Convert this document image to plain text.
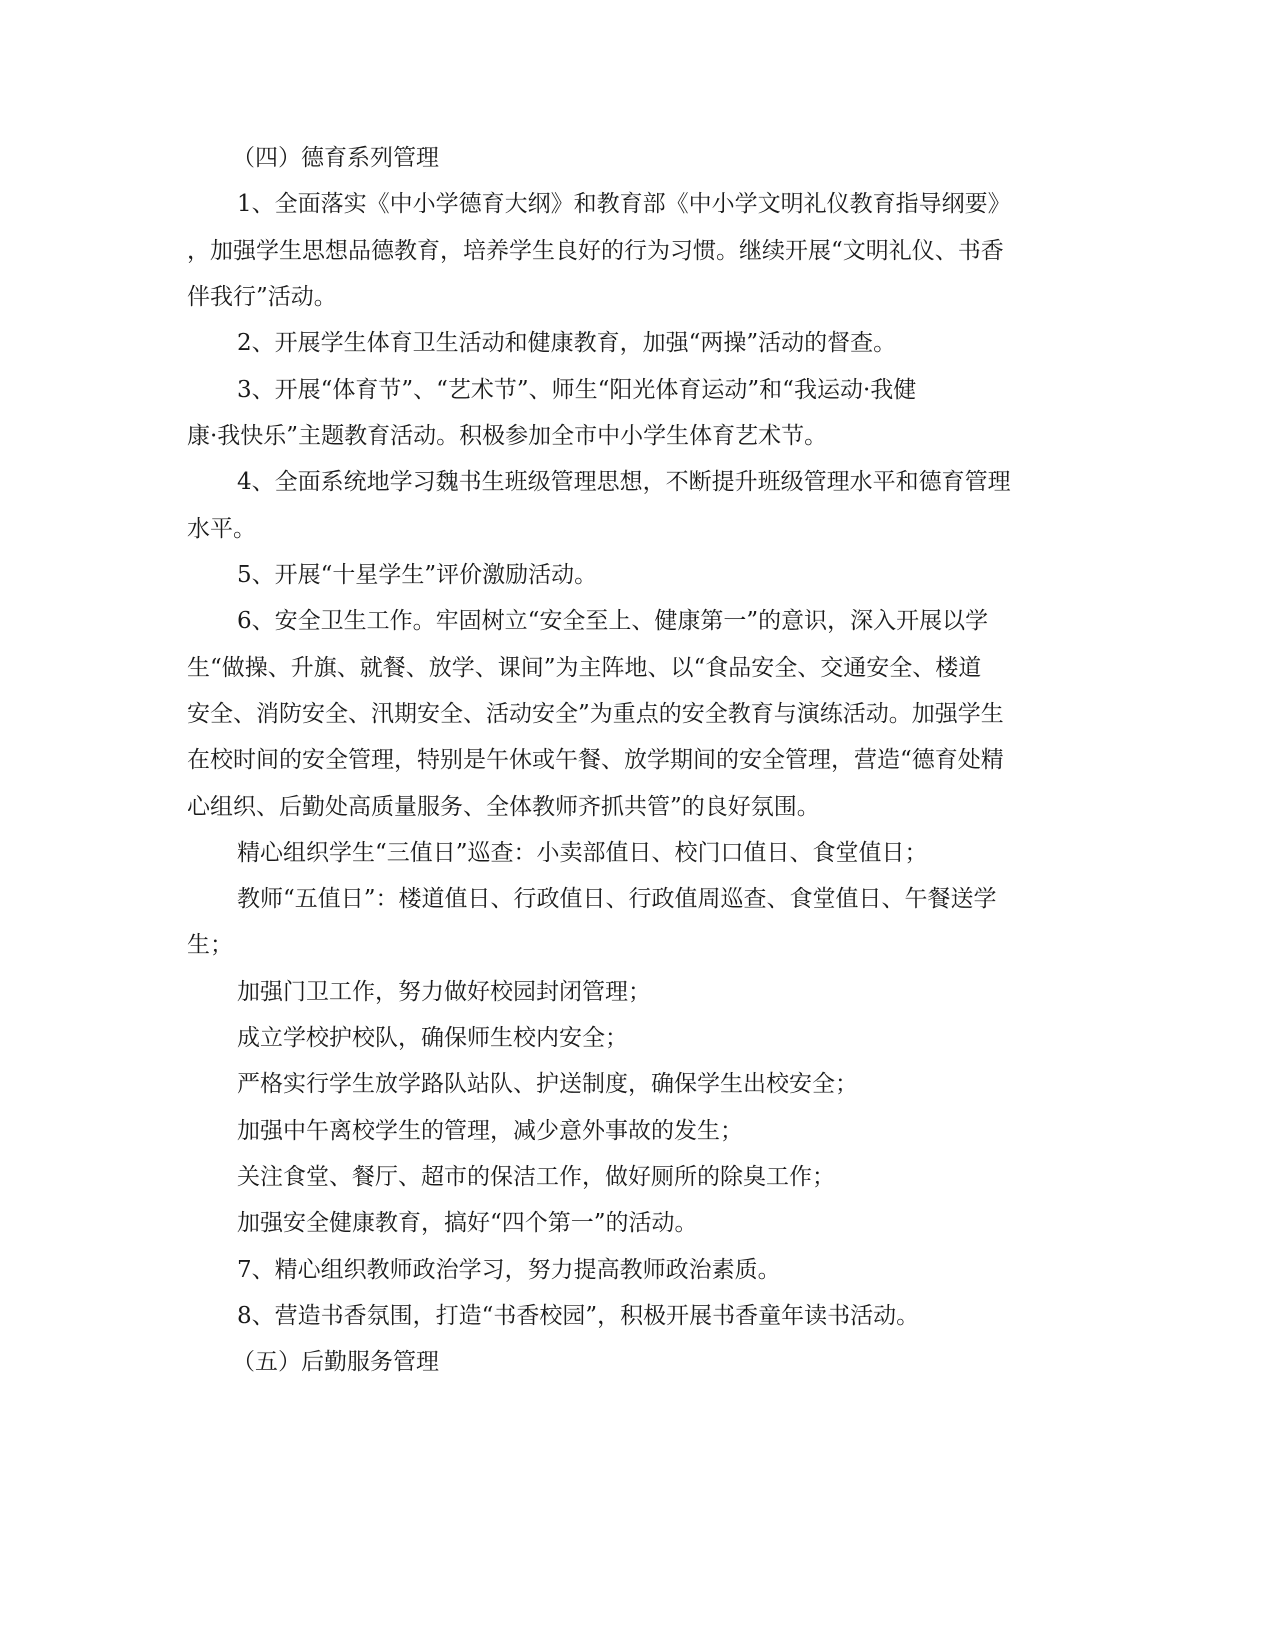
（四）德育系列管理
1、全面落实《中小学德育大纲》和教育部《中小学文明礼仪教育指导纲要》
，加强学生思想品德教育，培养学生良好的行为习惯。继续开展“文明礼仪、书香
伴我行”活动。
2、开展学生体育卫生活动和健康教育，加强“两操”活动的督查。
3、开展“体育节”、“艺术节”、师生“阳光体育运动”和“我运动·我健
康·我快乐”主题教育活动。积极参加全市中小学生体育艺术节。
4、全面系统地学习魏书生班级管理思想，不断提升班级管理水平和德育管理
水平。
5、开展“十星学生”评价激励活动。
6、安全卫生工作。牢固树立“安全至上、健康第一”的意识，深入开展以学
生“做操、升旗、就餐、放学、课间”为主阵地、以“食品安全、交通安全、楼道
安全、消防安全、汛期安全、活动安全”为重点的安全教育与演练活动。加强学生
在校时间的安全管理，特别是午休或午餐、放学期间的安全管理，营造“德育处精
心组织、后勤处高质量服务、全体教师齐抓共管”的良好氛围。
精心组织学生“三值日”巡查：小卖部值日、校门口值日、食堂值日；
教师“五值日”：楼道值日、行政值日、行政值周巡查、食堂值日、午餐送学
生；
加强门卫工作，努力做好校园封闭管理；
成立学校护校队，确保师生校内安全；
严格实行学生放学路队站队、护送制度，确保学生出校安全；
加强中午离校学生的管理，减少意外事故的发生；
关注食堂、餐厅、超市的保洁工作，做好厕所的除臭工作；
加强安全健康教育，搞好“四个第一”的活动。
7、精心组织教师政治学习，努力提高教师政治素质。
8、营造书香氛围，打造“书香校园”，积极开展书香童年读书活动。
（五）后勤服务管理
